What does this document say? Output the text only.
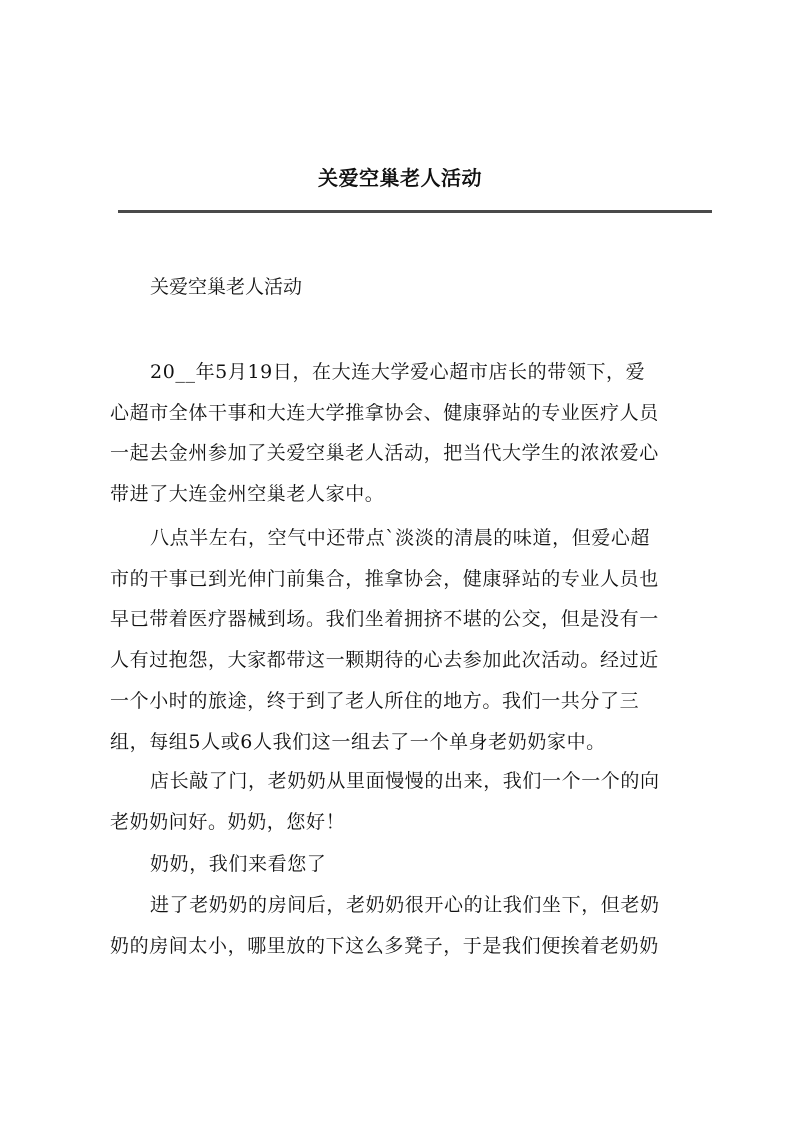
关爱空巢老人活动
关爱空巢老人活动
20__年5月19日，在大连大学爱心超市店长的带领下，爱
心超市全体干事和大连大学推拿协会、健康驿站的专业医疗人员
一起去金州参加了关爱空巢老人活动，把当代大学生的浓浓爱心
带进了大连金州空巢老人家中。
八点半左右，空气中还带点`淡淡的清晨的味道，但爱心超
市的干事已到光伸门前集合，推拿协会，健康驿站的专业人员也
早已带着医疗器械到场。我们坐着拥挤不堪的公交，但是没有一
人有过抱怨，大家都带这一颗期待的心去参加此次活动。经过近
一个小时的旅途，终于到了老人所住的地方。我们一共分了三
组，每组5人或6人我们这一组去了一个单身老奶奶家中。
店长敲了门，老奶奶从里面慢慢的出来，我们一个一个的向
老奶奶问好。奶奶，您好！
奶奶，我们来看您了
进了老奶奶的房间后，老奶奶很开心的让我们坐下，但老奶
奶的房间太小，哪里放的下这么多凳子，于是我们便挨着老奶奶
